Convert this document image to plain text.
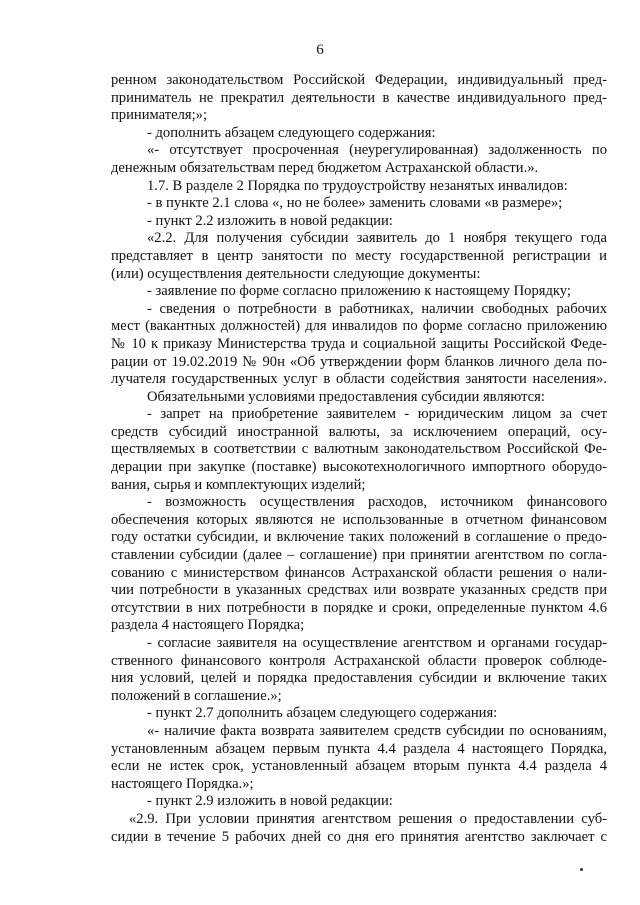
6
ренном законодательством Российской Федерации, индивидуальный пред-
приниматель не прекратил деятельности в качестве индивидуального пред-
принимателя;»;
- дополнить абзацем следующего содержания:
«- отсутствует просроченная (неурегулированная) задолженность по
денежным обязательствам перед бюджетом Астраханской области.».
1.7. В разделе 2 Порядка по трудоустройству незанятых инвалидов:
- в пункте 2.1 слова «, но не более» заменить словами «в размере»;
- пункт 2.2 изложить в новой редакции:
«2.2. Для получения субсидии заявитель до 1 ноября текущего года
представляет в центр занятости по месту государственной регистрации и
(или) осуществления деятельности следующие документы:
- заявление по форме согласно приложению к настоящему Порядку;
- сведения о потребности в работниках, наличии свободных рабочих
мест (вакантных должностей) для инвалидов по форме согласно приложению
№ 10 к приказу Министерства труда и социальной защиты Российской Феде-
рации от 19.02.2019 № 90н «Об утверждении форм бланков личного дела по-
лучателя государственных услуг в области содействия занятости населения».
Обязательными условиями предоставления субсидии являются:
- запрет на приобретение заявителем - юридическим лицом за счет
средств субсидий иностранной валюты, за исключением операций, осу-
ществляемых в соответствии с валютным законодательством Российской Фе-
дерации при закупке (поставке) высокотехнологичного импортного оборудо-
вания, сырья и комплектующих изделий;
- возможность осуществления расходов, источником финансового
обеспечения которых являются не использованные в отчетном финансовом
году остатки субсидии, и включение таких положений в соглашение о предо-
ставлении субсидии (далее – соглашение) при принятии агентством по согла-
сованию с министерством финансов Астраханской области решения о нали-
чии потребности в указанных средствах или возврате указанных средств при
отсутствии в них потребности в порядке и сроки, определенные пунктом 4.6
раздела 4 настоящего Порядка;
- согласие заявителя на осуществление агентством и органами государ-
ственного финансового контроля Астраханской области проверок соблюде-
ния условий, целей и порядка предоставления субсидии и включение таких
положений в соглашение.»;
- пункт 2.7 дополнить абзацем следующего содержания:
«- наличие факта возврата заявителем средств субсидии по основаниям,
установленным абзацем первым пункта 4.4 раздела 4 настоящего Порядка,
если не истек срок, установленный абзацем вторым пункта 4.4 раздела 4
настоящего Порядка.»;
- пункт 2.9 изложить в новой редакции:
«2.9. При условии принятия агентством решения о предоставлении суб-
сидии в течение 5 рабочих дней со дня его принятия агентство заключает с
